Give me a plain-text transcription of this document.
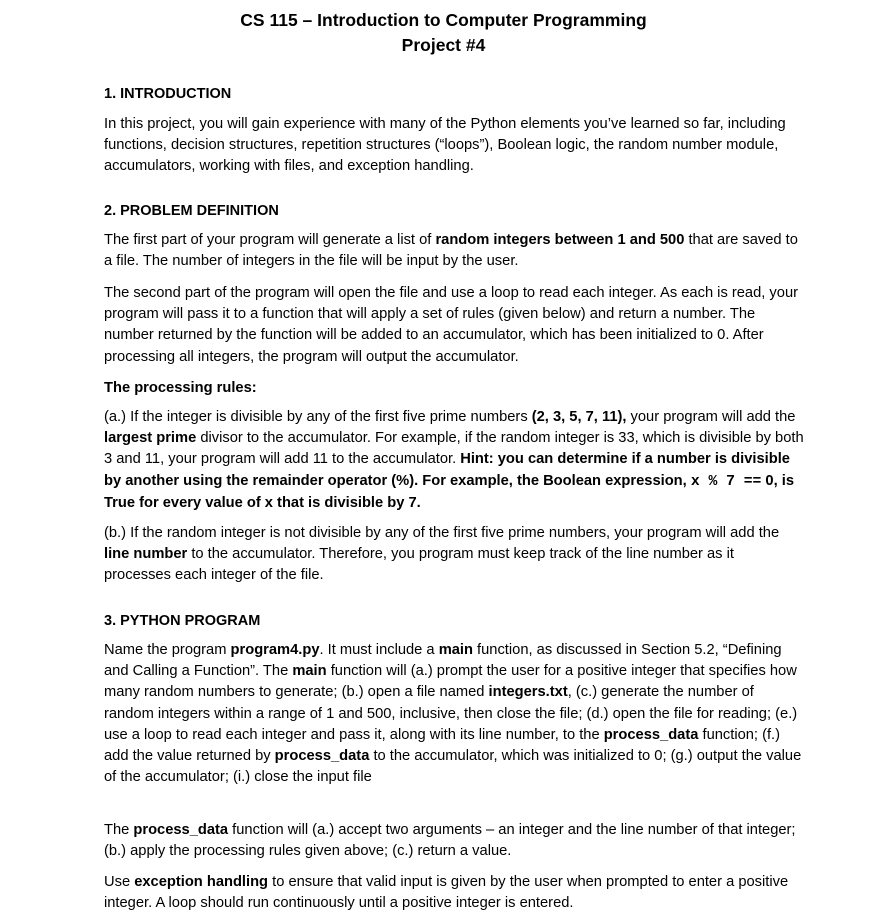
CS 115 – Introduction to Computer Programming
Project #4
1. INTRODUCTION
In this project, you will gain experience with many of the Python elements you’ve learned so far, including functions, decision structures, repetition structures (“loops”), Boolean logic, the random number module, accumulators, working with files, and exception handling.
2. PROBLEM DEFINITION
The first part of your program will generate a list of random integers between 1 and 500 that are saved to a file. The number of integers in the file will be input by the user.
The second part of the program will open the file and use a loop to read each integer. As each is read, your program will pass it to a function that will apply a set of rules (given below) and return a number. The number returned by the function will be added to an accumulator, which has been initialized to 0. After processing all integers, the program will output the accumulator.
The processing rules:
(a.) If the integer is divisible by any of the first five prime numbers (2, 3, 5, 7, 11), your program will add the largest prime divisor to the accumulator. For example, if the random integer is 33, which is divisible by both 3 and 11, your program will add 11 to the accumulator. Hint: you can determine if a number is divisible by another using the remainder operator (%). For example, the Boolean expression, x % 7 == 0, is True for every value of x that is divisible by 7.
(b.) If the random integer is not divisible by any of the first five prime numbers, your program will add the line number to the accumulator. Therefore, you program must keep track of the line number as it processes each integer of the file.
3. PYTHON PROGRAM
Name the program program4.py. It must include a main function, as discussed in Section 5.2, “Defining and Calling a Function”. The main function will (a.) prompt the user for a positive integer that specifies how many random numbers to generate; (b.) open a file named integers.txt, (c.) generate the number of random integers within a range of 1 and 500, inclusive, then close the file; (d.) open the file for reading; (e.) use a loop to read each integer and pass it, along with its line number, to the process_data function; (f.) add the value returned by process_data to the accumulator, which was initialized to 0; (g.) output the value of the accumulator; (i.) close the input file
The process_data function will (a.) accept two arguments – an integer and the line number of that integer; (b.) apply the processing rules given above; (c.) return a value.
Use exception handling to ensure that valid input is given by the user when prompted to enter a positive integer. A loop should run continuously until a positive integer is entered.
